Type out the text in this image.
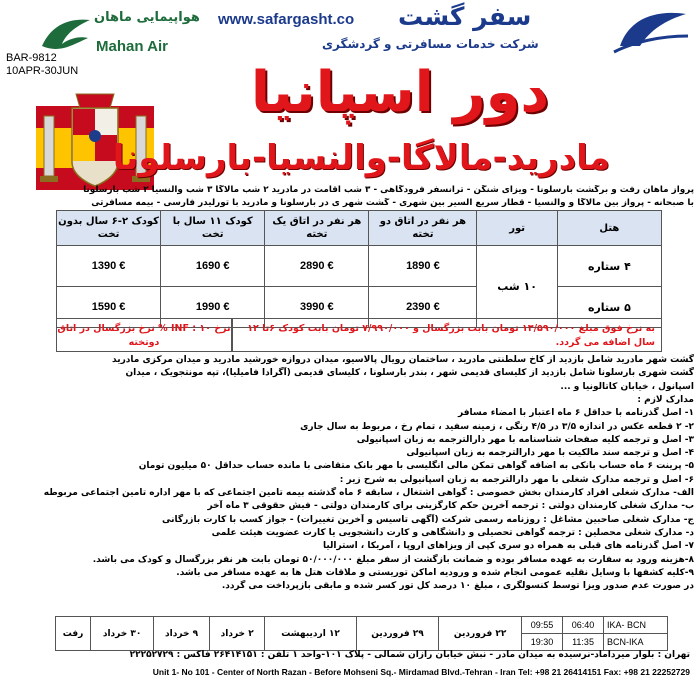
هواپیمایی ماهان
Mahan Air
www.safargasht.co سفر گشت
شرکت خدمات مسافرتی و گردشگری
BAR-9812
10APR-30JUN	دور اسپانیا
مادرید-مالاگا-والنسیا-بارسلونا
پرواز ماهان رفت و برگشت بارسلونا - ویزای شنگن - ترانسفر فرودگاهی - ۳ شب اقامت در مادرید ۲ شب مالاگا ۳ شب والنسیا ۲ شب بارسلونا
با صبحانه - پرواز بین مالاگا و والنسیا - قطار سریع السیر بین شهری - گشت شهر ی در بارسلونا و مادرید با تورلیدر فارسی - بیمه مسافرتی
کودک ۲-۶ سال بدون تخت	کودک ۱۱ سال با تخت	هر نفر در اتاق یک تخته	هر نفر در اتاق دو تخته	تور	هتل
1390 €	1690 €	2890 €	1890 €	۱۰ شب	۴ ستاره
1590 €	1990 €	3990 €	2390 €		۵ ستاره
نرخ INF : ۱۰ % نرخ بزرگسال در اتاق دوتخته
به نرخ فوق مبلغ ۱۳/۵۹۰/۰۰۰ تومان بابت بزرگسال و ۷/۹۹۰/۰۰۰ تومان بابت کودک ۶تا ۱۲ سال اضافه می گردد.
گشت شهر مادرید شامل بازدید از کاخ سلطنتی مادرید ، ساختمان رویال پالاسیو، میدان دروازه خورشید مادرید و میدان مرکزی مادرید
گشت شهری بارسلونا شامل بازدید از کلیسای قدیمی شهر ، بندر بارسلونا ، کلیسای قدیمی (آگرادا فامیلیا)، تپه مونتجویک ، میدان
اسپانول ، خیابان کاتالونیا و ...
مدارک لازم :
۱- اصل گذرنامه با حداقل ۶ ماه اعتبار با امضاء مسافر
۲- ۲ قطعه عکس در اندازه ۳/۵ در ۴/۵ رنگی ، زمینه سفید ، تمام رخ ، مربوط به سال جاری
۳- اصل و ترجمه کلیه صفحات شناسنامه با مهر دارالترجمه به زبان اسپانیولی
۴- اصل و ترجمه سند مالکیت با مهر دارالترجمه به زبان اسپانیولی
۵- پرینت ۶ ماه حساب بانکی به اضافه گواهی تمکن مالی انگلیسی با مهر بانک متقاضی با مانده حساب حداقل ۵۰ میلیون تومان
۶- اصل و ترجمه مدارک شغلی با مهر دارالترجمه به زبان اسپانیولی به شرح زیر :
الف- مدارک شغلی افراد کارمندان بخش خصوصی : گواهی اشتغال ، سابقه ۶ ماه گذشته بیمه تامین اجتماعی که با مهر اداره تامین اجتماعی مربوطه
ب- مدارک شغلی کارمندان دولتی : ترجمه آخرین حکم کارگزینی برای کارمندان دولتی - فیش حقوقی ۳ ماه آخر
ج- مدارک شغلی صاحبین مشاغل : روزنامه رسمی شرکت (آگهی تاسیس و آخرین تغییرات) - جواز کسب با کارت بازرگانی
د- مدارک شغلی محصلین : ترجمه گواهی تحصیلی و دانشگاهی و کارت دانشجویی یا کارت عضویت هیئت علمی
۷- اصل گذرنامه های قبلی به همراه دو سری کپی از ویزاهای اروپا ، آمریکا ، استرالیا
۸-هزینه ورود به سفارت به عهده مسافر بوده و ضمانت بازگشت از سفر مبلغ ۵۰/۰۰۰/۰۰۰ تومان بابت هر نفر بزرگسال و کودک می باشد.
۹-کلیه کشفها با وسایل نقلیه عمومی انجام شده و ورودیه اماکن توریستی و ملاقات هتل ها به عهده مسافر می باشد.
در صورت عدم صدور ویزا توسط کنسولگری ، مبلغ ۱۰ درصد کل تور کسر شده و مابقی بازپرداخت می گردد.
رفت	۳۰ خرداد	۹ خرداد	۲ خرداد	۱۲ اردیبهشت	۲۹ فروردین	۲۲ فروردین	09:55	06:40	IKA- BCN
							19:30	11:35	BCN-IKA
تهران : بلوار میرداماد-نرسیده به میدان مادر - نبش خیابان رازان شمالی - پلاک ۱۰۱-واحد ۱ تلفن : ۲۶۴۱۴۱۵۱ فاکس : ۲۲۲۵۲۷۲۹
Unit 1- No 101 - Center of North Razan - Before Mohseni Sq.- Mirdamad Blvd.-Tehran - Iran Tel: +98 21 26414151 Fax: +98 21 22252729
